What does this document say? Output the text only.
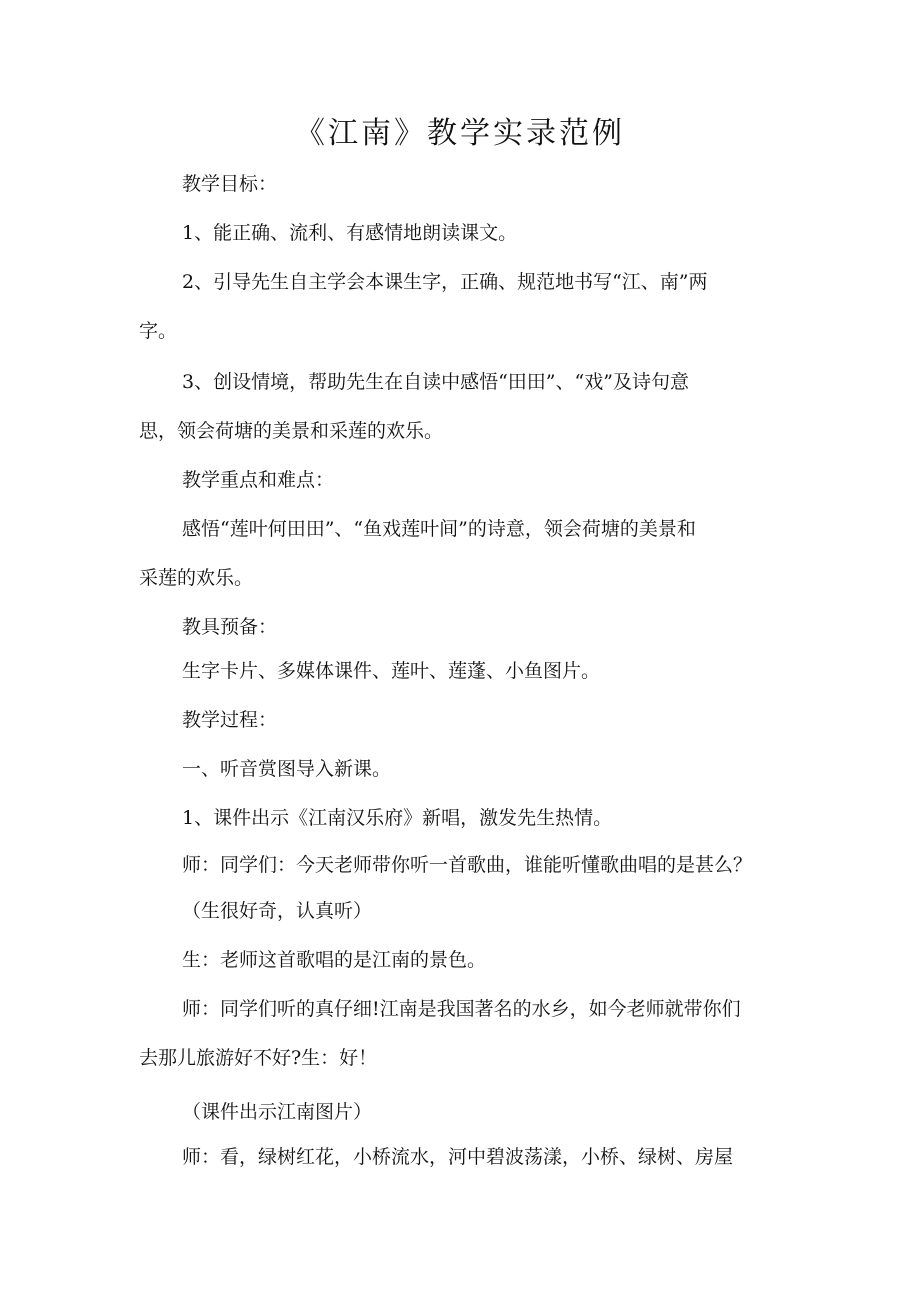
《江南》教学实录范例

教学目标：

1、能正确、流利、有感情地朗读课文。

2、引导先生自主学会本课生字，正确、规范地书写“江、南”两

字。

3、创设情境，帮助先生在自读中感悟“田田”、“戏”及诗句意

思，领会荷塘的美景和采莲的欢乐。

教学重点和难点：

感悟“莲叶何田田”、“鱼戏莲叶间”的诗意，领会荷塘的美景和

采莲的欢乐。

教具预备：

生字卡片、多媒体课件、莲叶、莲蓬、小鱼图片。

教学过程：

一、听音赏图导入新课。

1、课件出示《江南汉乐府》新唱，激发先生热情。

师：同学们：今天老师带你听一首歌曲，谁能听懂歌曲唱的是甚么？

（生很好奇，认真听）

生：老师这首歌唱的是江南的景色。

师：同学们听的真仔细!江南是我国著名的水乡，如今老师就带你们

去那儿旅游好不好?生：好！

（课件出示江南图片）

师：看，绿树红花，小桥流水，河中碧波荡漾，小桥、绿树、房屋
